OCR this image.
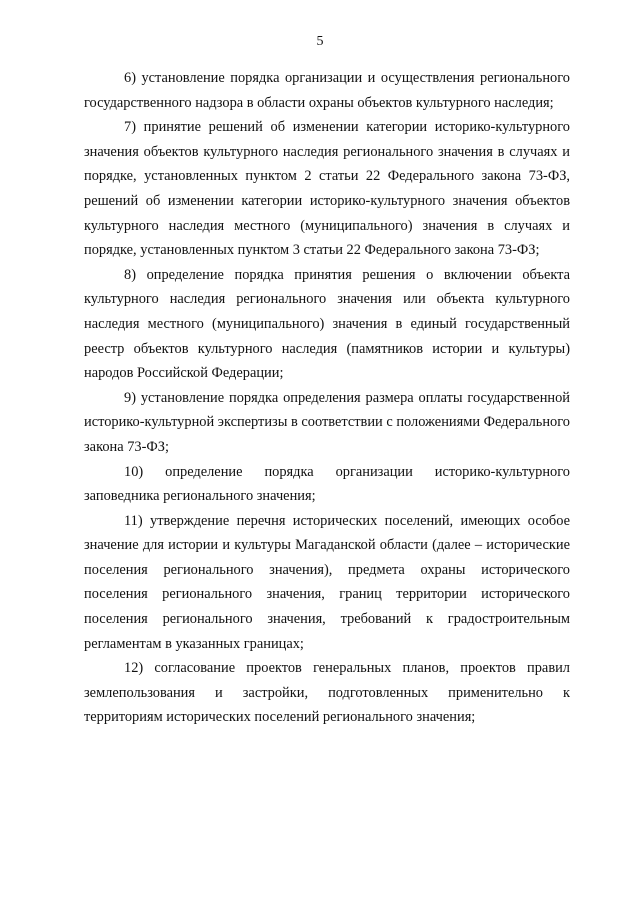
5

6) установление порядка организации и осуществления регионального государственного надзора в области охраны объектов культурного наследия;

7) принятие решений об изменении категории историко-культурного значения объектов культурного наследия регионального значения в случаях и порядке, установленных пунктом 2 статьи 22 Федерального закона 73-ФЗ, решений об изменении категории историко-культурного значения объектов культурного наследия местного (муниципального) значения в случаях и порядке, установленных пунктом 3 статьи 22 Федерального закона 73-ФЗ;

8) определение порядка принятия решения о включении объекта культурного наследия регионального значения или объекта культурного наследия местного (муниципального) значения в единый государственный реестр объектов культурного наследия (памятников истории и культуры) народов Российской Федерации;

9) установление порядка определения размера оплаты государственной историко-культурной экспертизы в соответствии с положениями Федерального закона 73-ФЗ;

10) определение порядка организации историко-культурного заповедника регионального значения;

11) утверждение перечня исторических поселений, имеющих особое значение для истории и культуры Магаданской области (далее – исторические поселения регионального значения), предмета охраны исторического поселения регионального значения, границ территории исторического поселения регионального значения, требований к градостроительным регламентам в указанных границах;

12) согласование проектов генеральных планов, проектов правил землепользования и застройки, подготовленных применительно к территориям исторических поселений регионального значения;
